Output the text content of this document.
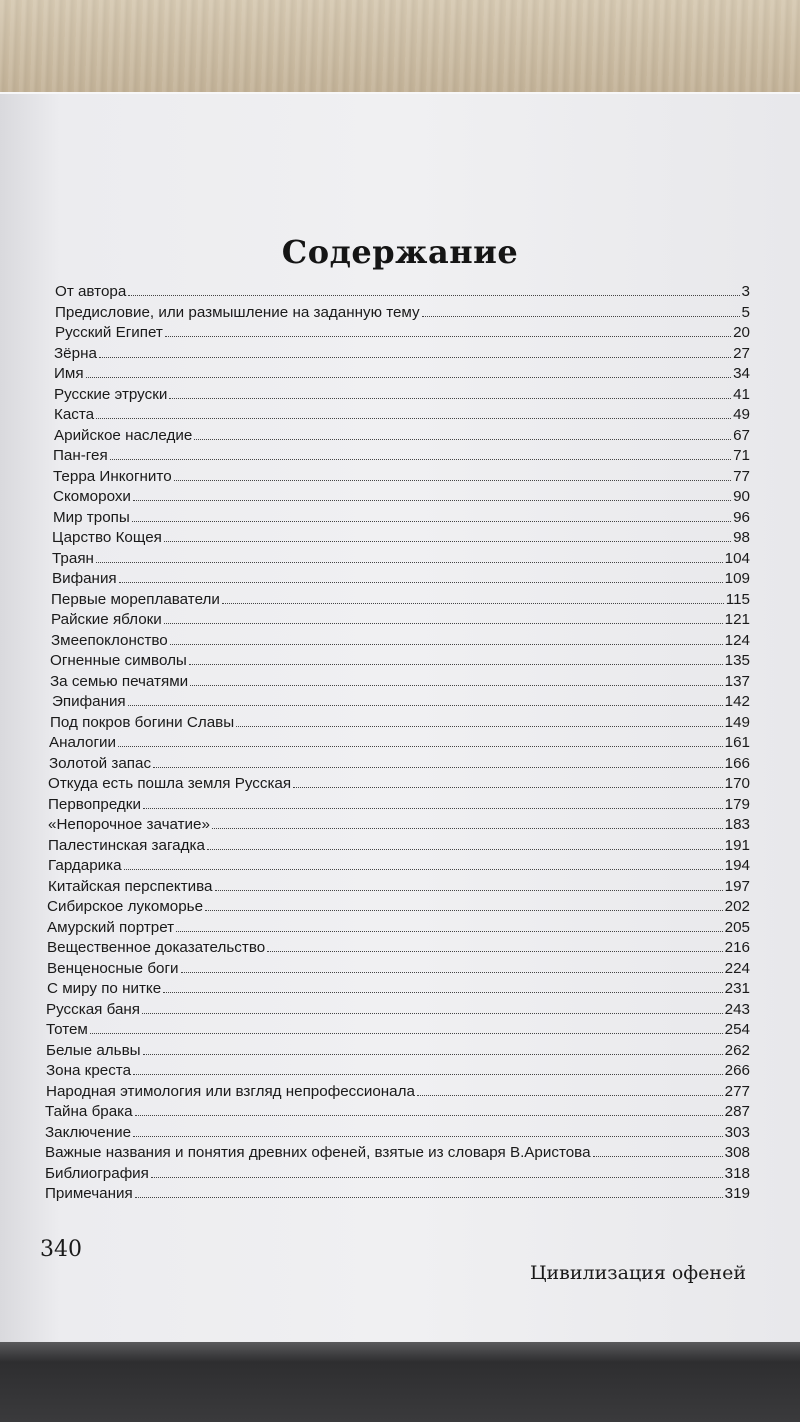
Содержание
От автора	3
Предисловие, или размышление на заданную тему	5
Русский Египет	20
Зёрна	27
Имя	34
Русские этруски	41
Каста	49
Арийское наследие	67
Пан-гея	71
Терра Инкогнито	77
Скоморохи	90
Мир тропы	96
Царство Кощея	98
Траян	104
Вифания	109
Первые мореплаватели	115
Райские яблоки	121
Змеепоклонство	124
Огненные символы	135
За семью печатями	137
Эпифания	142
Под покров богини Славы	149
Аналогии	161
Золотой запас	166
Откуда есть пошла земля Русская	170
Первопредки	179
«Непорочное зачатие»	183
Палестинская загадка	191
Гардарика	194
Китайская перспектива	197
Сибирское лукоморье	202
Амурский портрет	205
Вещественное доказательство	216
Венценосные боги	224
С миру по нитке	231
Русская баня	243
Тотем	254
Белые альвы	262
Зона креста	266
Народная этимология или взгляд непрофессионала	277
Тайна брака	287
Заключение	303
Важные названия и понятия древних офеней, взятые из словаря В.Аристова	308
Библиография	318
Примечания	319
340
Цивилизация офеней
